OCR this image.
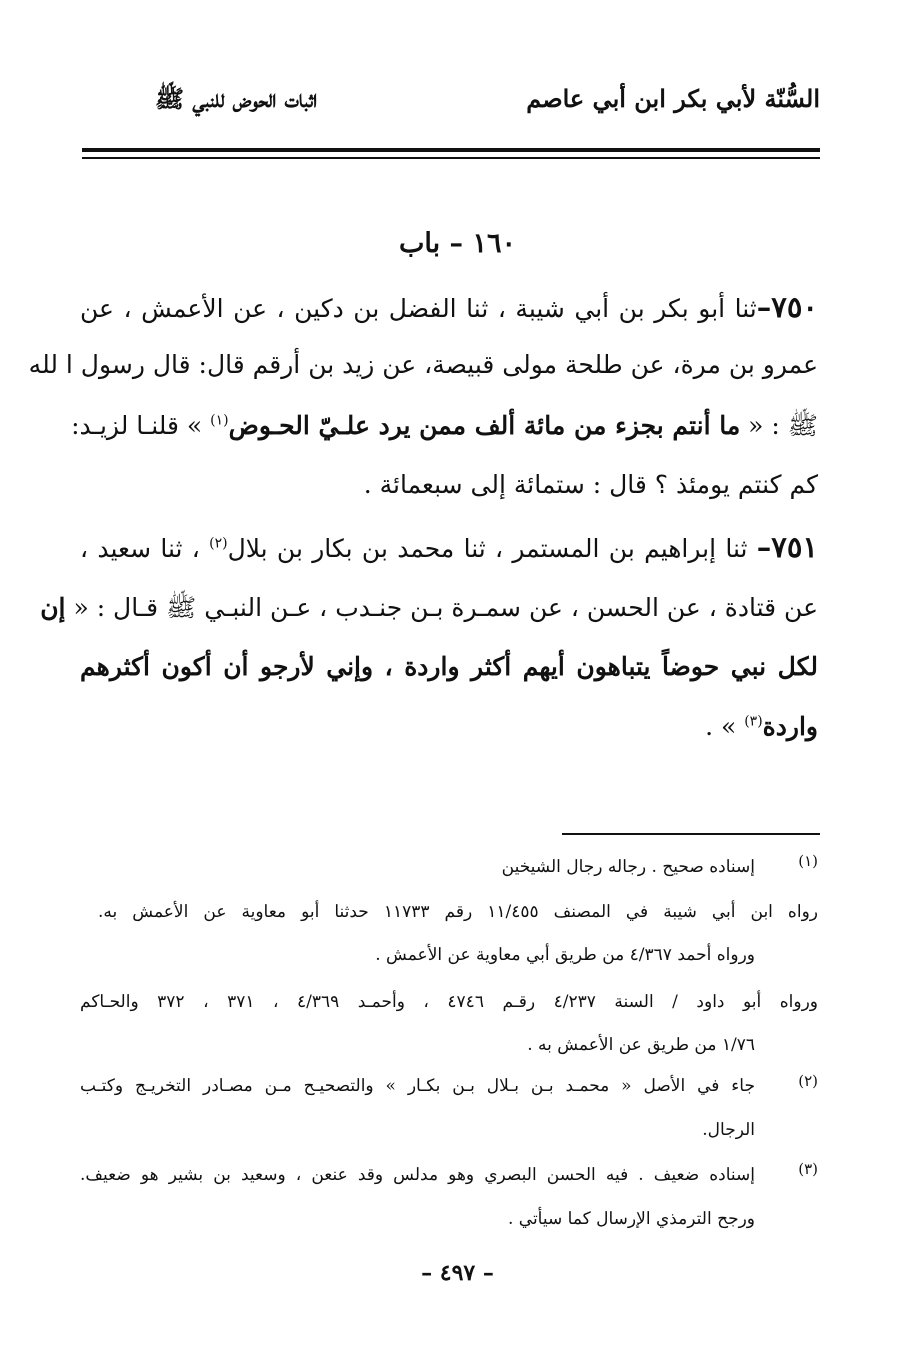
السُّنّة لأبي بكر ابن أبي عاصم
اثبات الحوض للنبي ﷺ
١٦٠ – باب
٧٥٠–ثنا أبو بكر بن أبي شيبة ، ثنا الفضل بن دكين ، عن الأعمش ، عن
عمرو بن مرة، عن طلحة مولى قبيصة، عن زيد بن أرقم قال: قال رسول ا لله
ﷺ : « ما أنتم بجزء من مائة ألف ممن يرد علـيّ الحـوض$^{(١)}$ » قلنـا لزيـد:
كم كنتم يومئذ ؟ قال : ستمائة إلى سبعمائة .
٧٥١– ثنا إبراهيم بن المستمر ، ثنا محمد بن بكار بن بلال$^{(٢)}$ ، ثنا سعيد ،
عن قتادة ، عن الحسن ، عن سمـرة بـن جنـدب ، عـن النبـي ﷺ قـال : « إن
لكل نبي حوضاً يتباهون أيهم أكثر واردة ، وإني لأرجو أن أكون أكثرهم
واردة$^{(٣)}$ » .
(١)
إسناده صحيح . رجاله رجال الشيخين
رواه ابن أبي شيبة في المصنف ١١/٤٥٥ رقم ١١٧٣٣ حدثنا أبو معاوية عن الأعمش به.
ورواه أحمد ٤/٣٦٧ من طريق أبي معاوية عن الأعمش .
ورواه أبو داود / السنة ٤/٢٣٧ رقـم ٤٧٤٦ ، وأحمـد ٤/٣٦٩ ، ٣٧١ ، ٣٧٢ والحـاكم
١/٧٦ من طريق عن الأعمش به .
(٢)
جاء في الأصل « محمـد بـن بـلال بـن بكـار » والتصحيـح مـن مصـادر التخريـج وكتـب
الرجال.
(٣)
إسناده ضعيف . فيه الحسن البصري وهو مدلس وقد عنعن ، وسعيد بن بشير هو ضعيف.
ورجح الترمذي الإرسال كما سيأتي .
– ٤٩٧ –
